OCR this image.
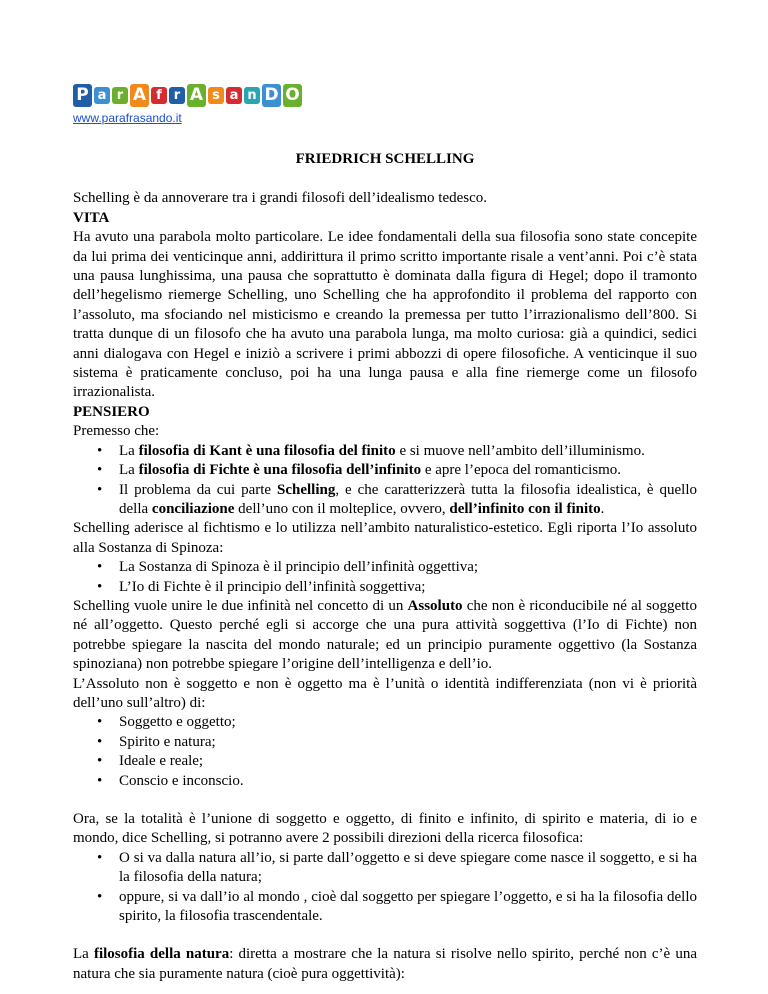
P a r A f r A s a n D O
www.parafrasando.it

FRIEDRICH SCHELLING

Schelling è da annoverare tra i grandi filosofi dell’idealismo tedesco.

VITA

Ha avuto una parabola molto particolare. Le idee fondamentali della sua filosofia sono state concepite da lui prima dei venticinque anni, addirittura il primo scritto importante risale a vent’anni. Poi c’è stata una pausa lunghissima, una pausa che soprattutto è dominata dalla figura di Hegel; dopo il tramonto dell’hegelismo riemerge Schelling, uno Schelling che ha approfondito il problema del rapporto con l’assoluto, ma sfociando nel misticismo e creando la premessa per tutto l’irrazionalismo dell’800. Si tratta dunque di un filosofo che ha avuto una parabola lunga, ma molto curiosa: già a quindici, sedici anni dialogava con Hegel e iniziò a scrivere i primi abbozzi di opere filosofiche. A venticinque il suo sistema è praticamente concluso, poi ha una lunga pausa e alla fine riemerge come un filosofo irrazionalista.

PENSIERO

Premesso che:

• La filosofia di Kant è una filosofia del finito e si muove nell’ambito dell’illuminismo.
• La filosofia di Fichte è una filosofia dell’infinito e apre l’epoca del romanticismo.
• Il problema da cui parte Schelling, e che caratterizzerà tutta la filosofia idealistica, è quello della conciliazione dell’uno con il molteplice, ovvero, dell’infinito con il finito.

Schelling aderisce al fichtismo e lo utilizza nell’ambito naturalistico-estetico. Egli riporta l’Io assoluto alla Sostanza di Spinoza:

• La Sostanza di Spinoza è il principio dell’infinità oggettiva;
• L’Io di Fichte è il principio dell’infinità soggettiva;

Schelling vuole unire le due infinità nel concetto di un Assoluto che non è riconducibile né al soggetto né all’oggetto. Questo perché egli si accorge che una pura attività soggettiva (l’Io di Fichte) non potrebbe spiegare la nascita del mondo naturale; ed un principio puramente oggettivo (la Sostanza spinoziana) non potrebbe spiegare l’origine dell’intelligenza e dell’io.

L’Assoluto non è soggetto e non è oggetto ma è l’unità o identità indifferenziata (non vi è priorità dell’uno sull’altro) di:

• Soggetto e oggetto;
• Spirito e natura;
• Ideale e reale;
• Conscio e inconscio.

Ora, se la totalità è l’unione di soggetto e oggetto, di finito e infinito, di spirito e materia, di io e mondo, dice Schelling, si potranno avere 2 possibili direzioni della ricerca filosofica:

• O si va dalla natura all’io, si parte dall’oggetto e si deve spiegare come nasce il soggetto, e si ha la filosofia della natura;
• oppure, si va dall’io al mondo , cioè dal soggetto per spiegare l’oggetto, e si ha la filosofia dello spirito, la filosofia trascendentale.

La filosofia della natura: diretta a mostrare che la natura si risolve nello spirito, perché non c’è una natura che sia puramente natura (cioè pura oggettività):
